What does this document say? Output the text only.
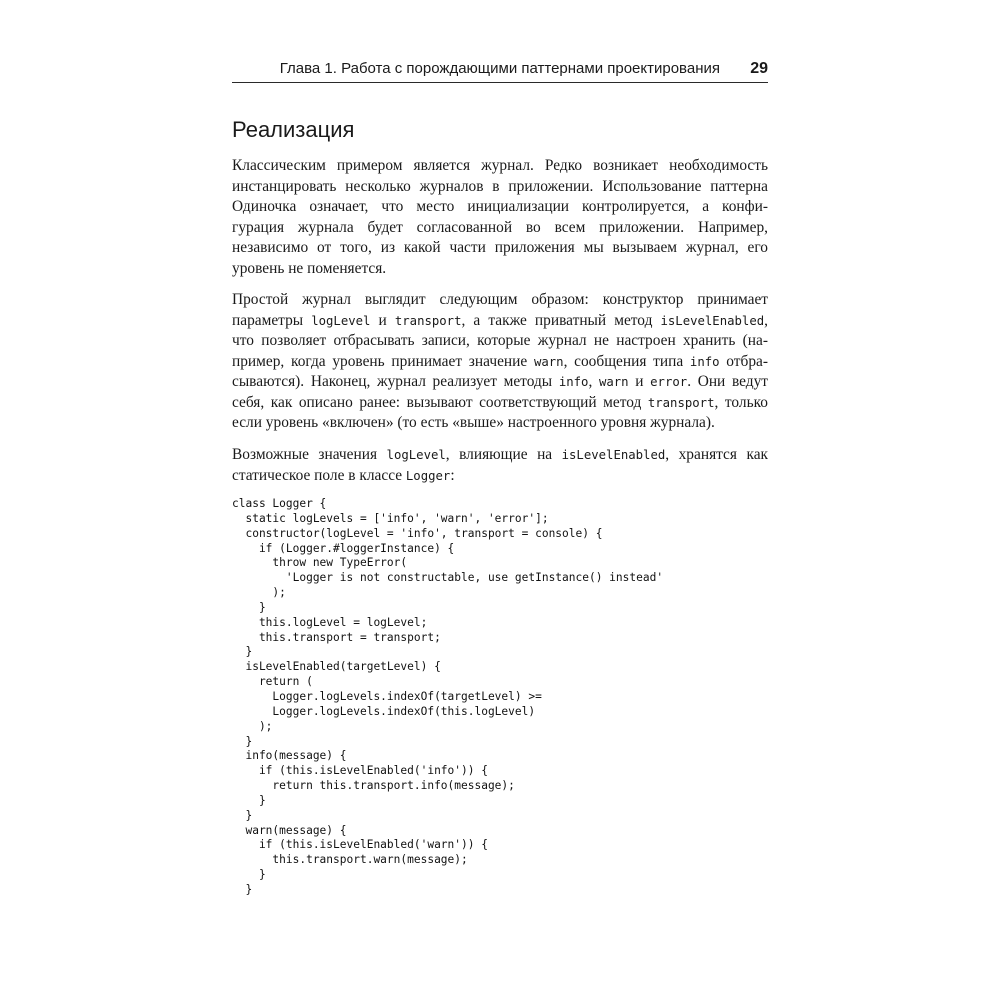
Глава 1. Работа с порождающими паттернами проектирования 29
Реализация

Классическим примером является журнал. Редко возникает необходимость
инстанцировать несколько журналов в приложении. Использование паттерна
Одиночка означает, что место инициализации контролируется, а конфи-
гурация журнала будет согласованной во всем приложении. Например,
независимо от того, из какой части приложения мы вызываем журнал, его
уровень не поменяется.

Простой журнал выглядит следующим образом: конструктор принимает
параметры logLevel и transport, а также приватный метод isLevelEnabled,
что позволяет отбрасывать записи, которые журнал не настроен хранить (на-
пример, когда уровень принимает значение warn, сообщения типа info отбра-
сываются). Наконец, журнал реализует методы info, warn и error. Они ведут
себя, как описано ранее: вызывают соответствующий метод transport, только
если уровень «включен» (то есть «выше» настроенного уровня журнала).

Возможные значения logLevel, влияющие на isLevelEnabled, хранятся как
статическое поле в классе Logger:

class Logger {
static logLevels = ['info', 'warn', 'error'];
constructor(logLevel = 'info', transport = console) {
if (Logger.#loggerInstance) {
throw new TypeError(
'Logger is not constructable, use getInstance() instead'
);
}
this.logLevel = logLevel;
this.transport = transport;
}
isLevelEnabled(targetLevel) {
return (
Logger.logLevels.indexOf(targetLevel) >=
Logger.logLevels.indexOf(this.logLevel)
);
}
info(message) {
if (this.isLevelEnabled('info')) {
return this.transport.info(message);
}
}
warn(message) {
if (this.isLevelEnabled('warn')) {
this.transport.warn(message);
}
}
